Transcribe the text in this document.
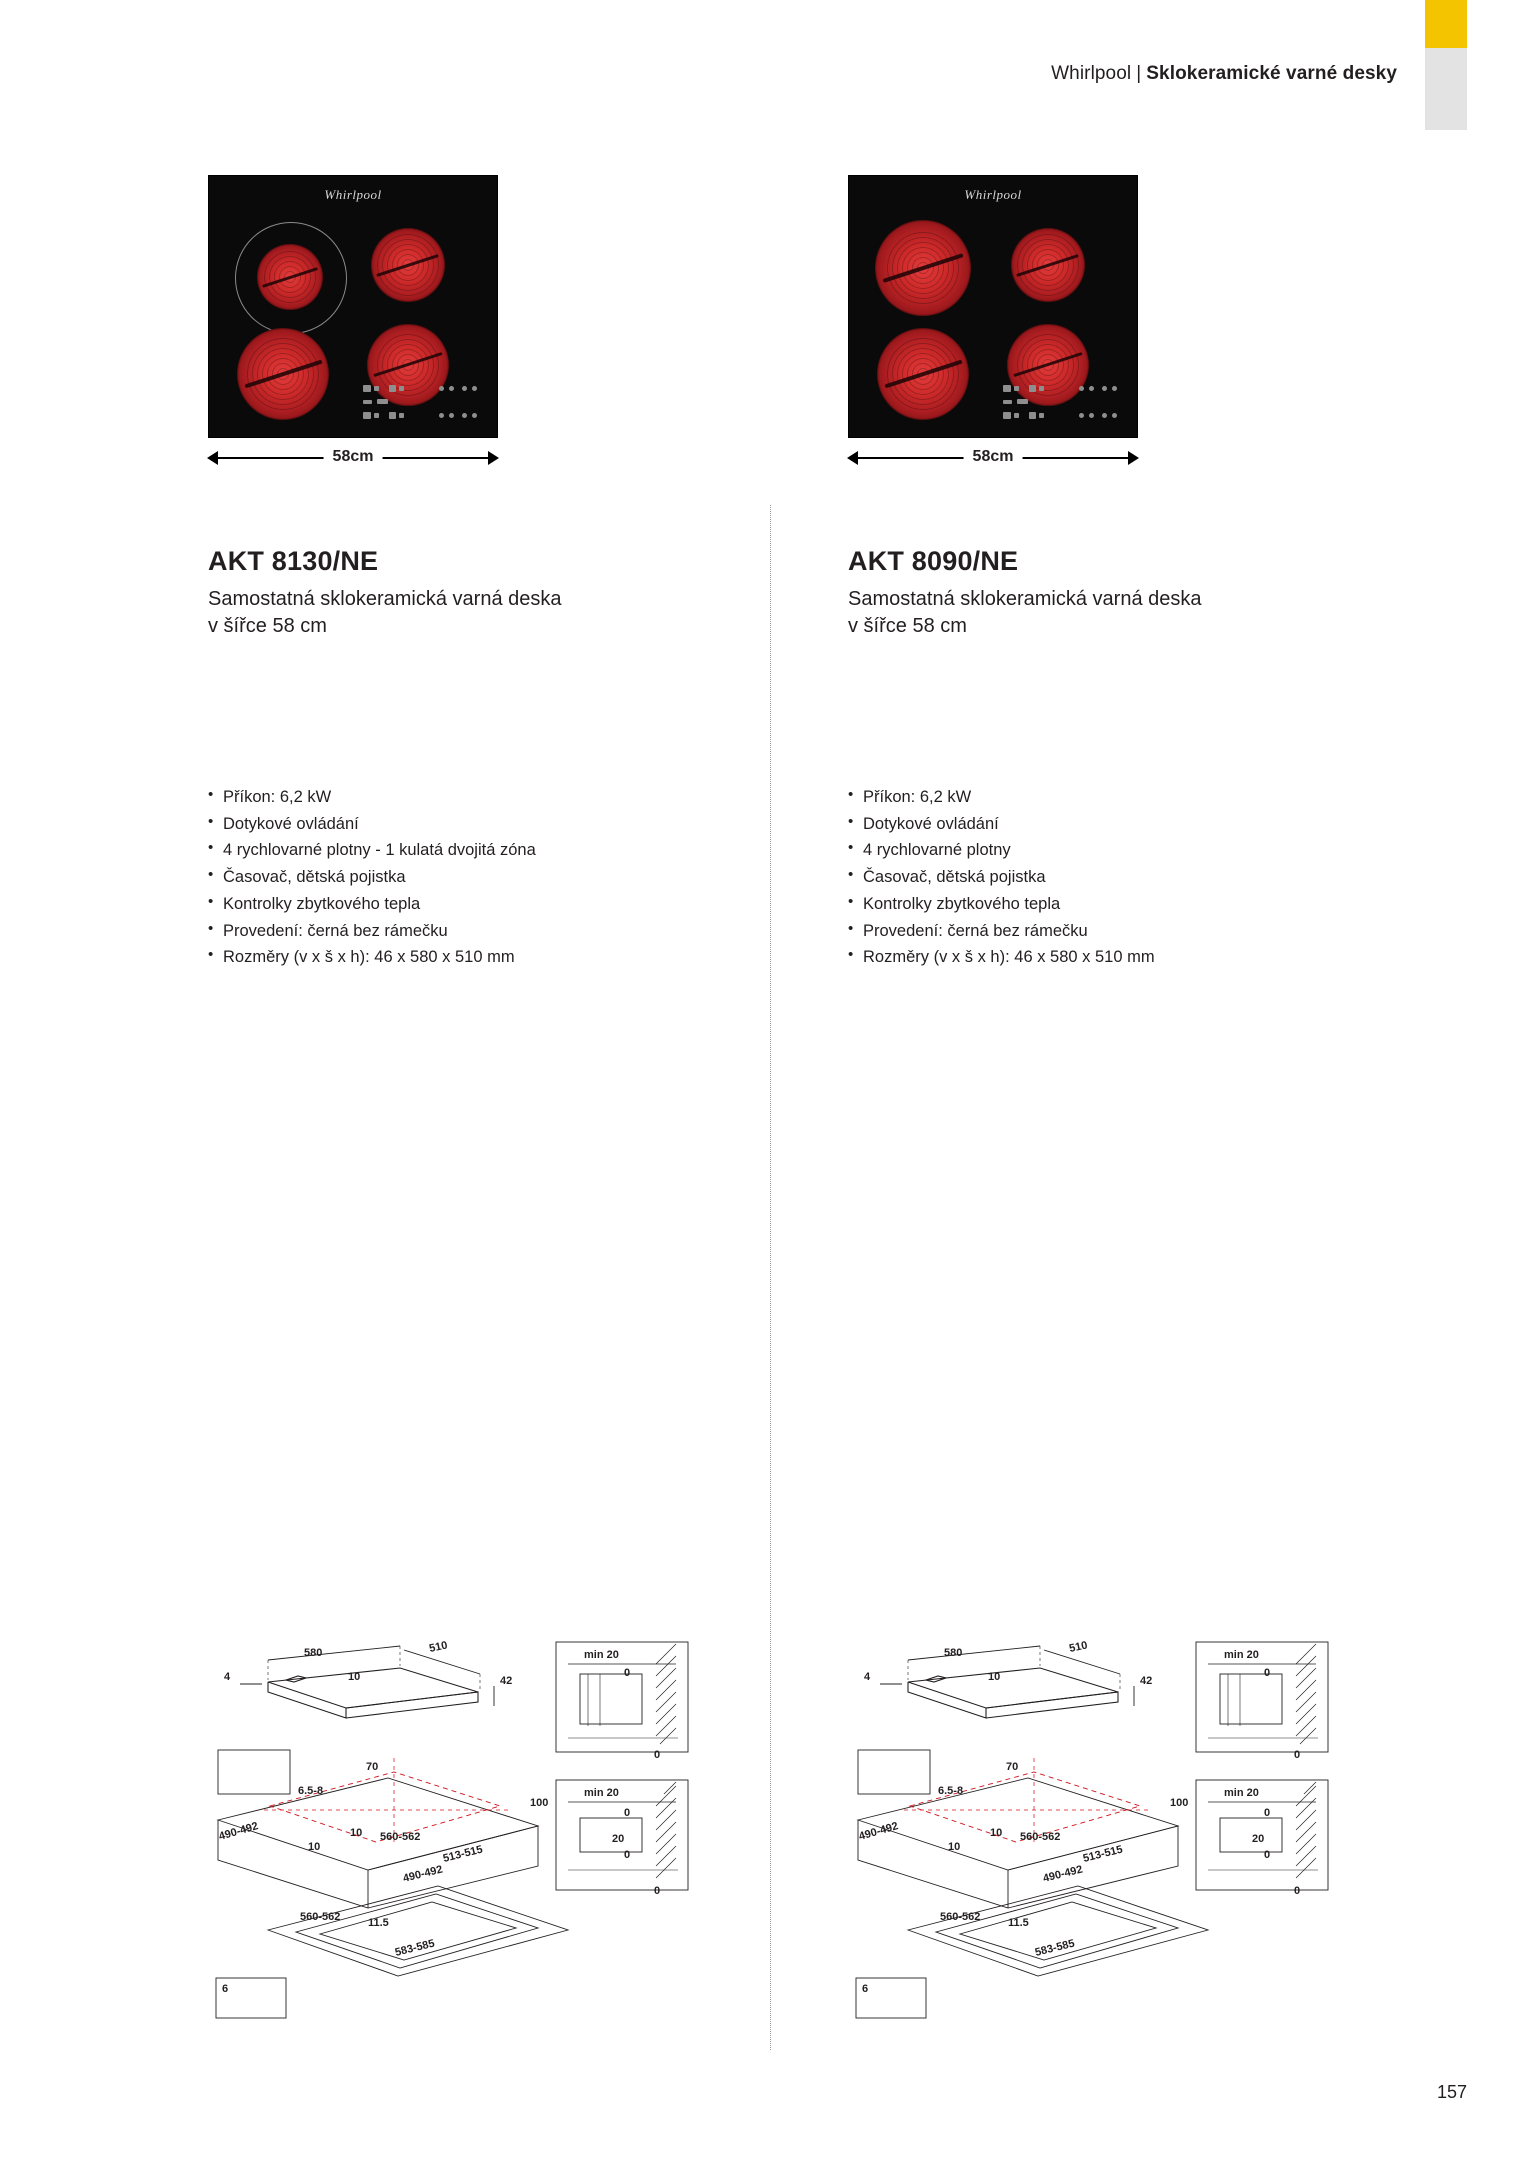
Whirlpool | Sklokeramické varné desky
Whirlpool
58cm
AKT 8130/NE
Samostatná sklokeramická varná deska
v šířce 58 cm
• Příkon: 6,2 kW
• Dotykové ovládání
• 4 rychlovarné plotny - 1 kulatá dvojitá zóna
• Časovač, dětská pojistka
• Kontrolky zbytkového tepla
• Provedení: černá bez rámečku
• Rozměry (v x š x h): 46 x 580 x 510 mm
580	510
4	10	42
min 20
0
0
70
6.5-8
100
min 20
0
490-492
10
10 560-562	20
0
513-515
490-492
0
560-562	11.5
583-585
6
Whirlpool
58cm
AKT 8090/NE
Samostatná sklokeramická varná deska
v šířce 58 cm
• Příkon: 6,2 kW
• Dotykové ovládání
• 4 rychlovarné plotny
• Časovač, dětská pojistka
• Kontrolky zbytkového tepla
• Provedení: černá bez rámečku
• Rozměry (v x š x h): 46 x 580 x 510 mm
580	510
4	10	42
min 20
0
0
70
6.5-8
100
min 20
0
490-492
10
10 560-562	20
0
513-515
490-492
0
560-562	11.5
583-585
6
157
